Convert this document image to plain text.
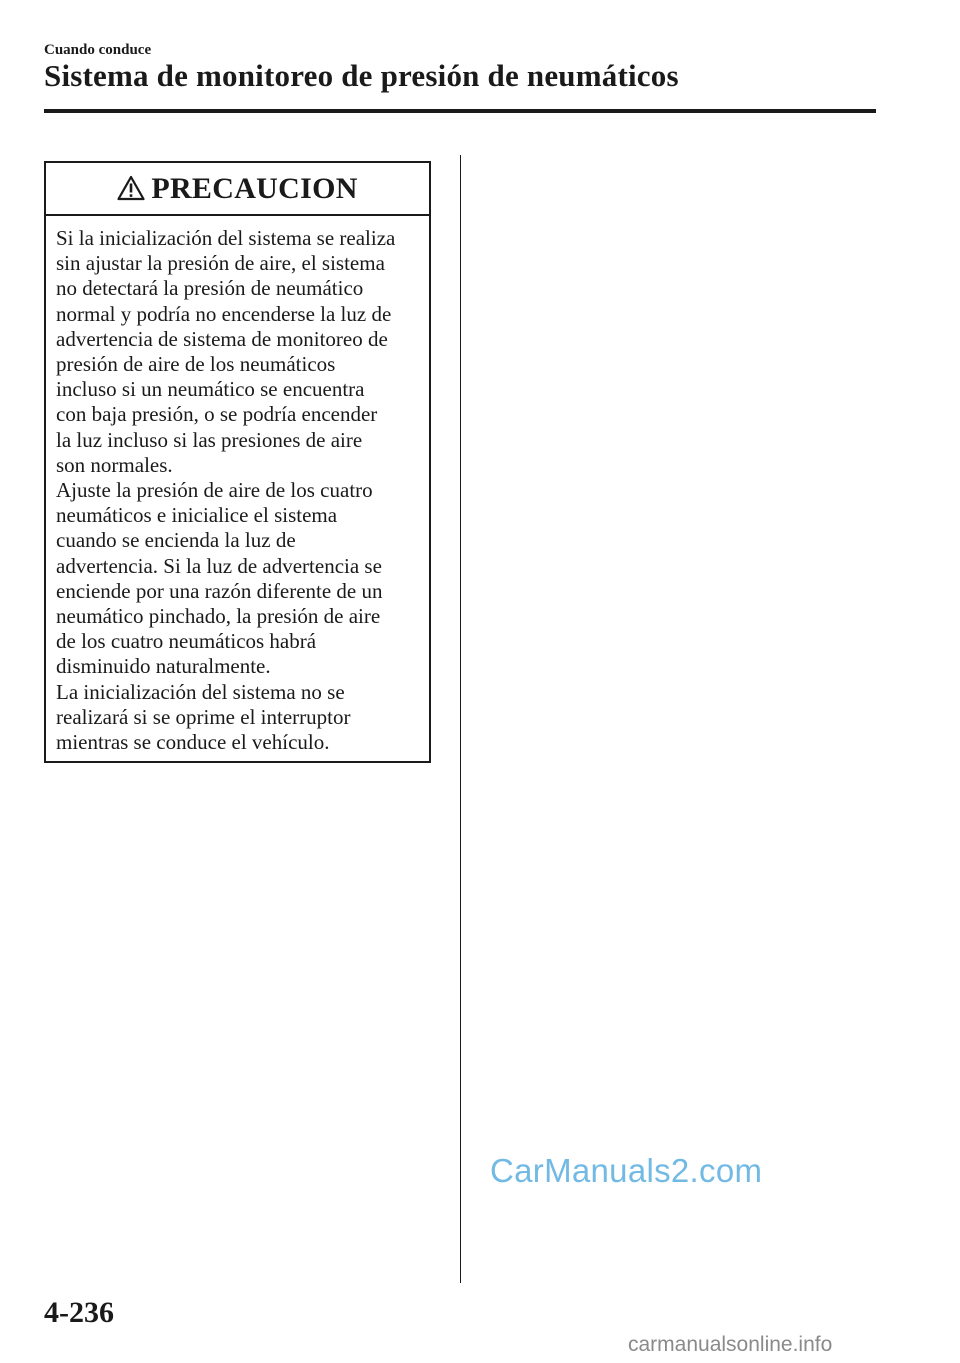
Cuando conduce
Sistema de monitoreo de presión de neumáticos
PRECAUCION

Si la inicialización del sistema se realiza

sin ajustar la presión de aire, el sistema

no detectará la presión de neumático

normal y podría no encenderse la luz de

advertencia de sistema de monitoreo de

presión de aire de los neumáticos

incluso si un neumático se encuentra

con baja presión, o se podría encender

la luz incluso si las presiones de aire

son normales.

Ajuste la presión de aire de los cuatro

neumáticos e inicialice el sistema

cuando se encienda la luz de

advertencia. Si la luz de advertencia se

enciende por una razón diferente de un

neumático pinchado, la presión de aire

de los cuatro neumáticos habrá

disminuido naturalmente.

La inicialización del sistema no se

realizará si se oprime el interruptor

mientras se conduce el vehículo.

CarManuals2.com
4-236
carmanualsonline.info
